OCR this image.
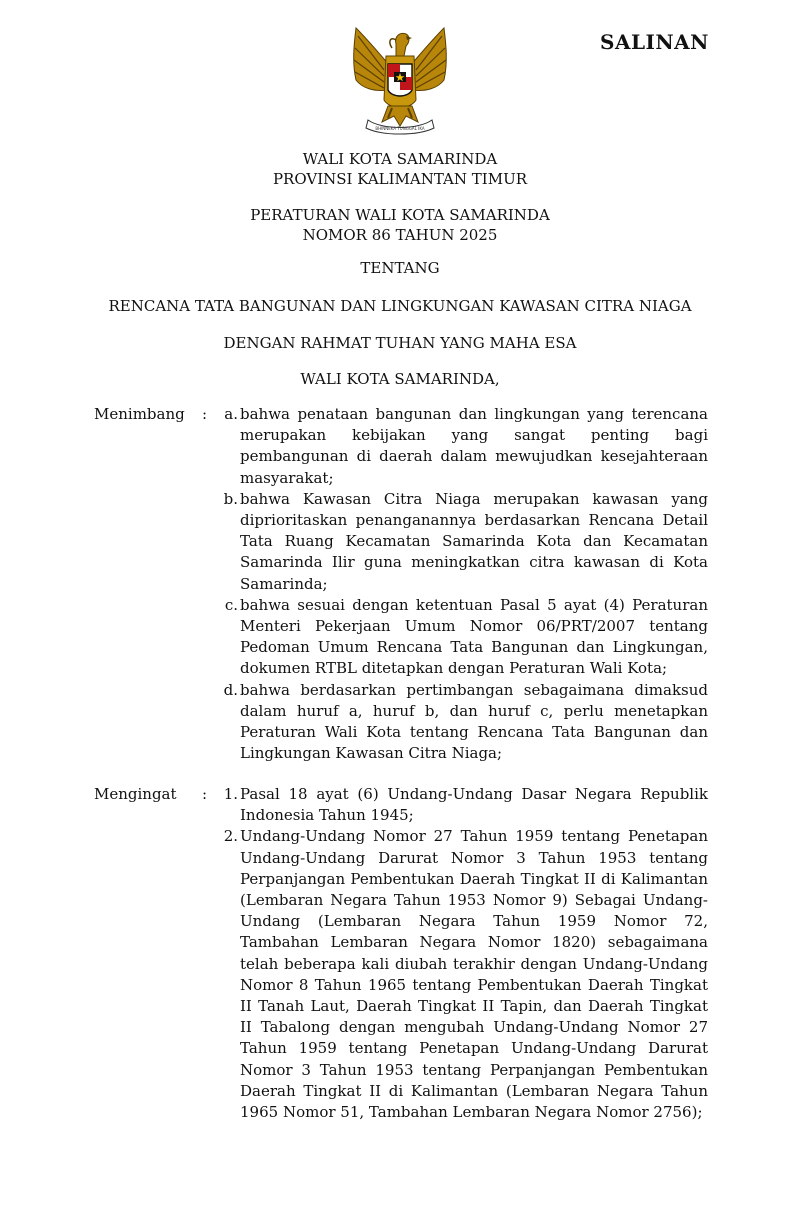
SALINAN
BHINNEKA TUNGGAL IKA
WALI KOTA SAMARINDA
PROVINSI KALIMANTAN TIMUR
PERATURAN WALI KOTA SAMARINDA
NOMOR 86 TAHUN 2025
TENTANG
RENCANA TATA BANGUNAN DAN LINGKUNGAN KAWASAN CITRA NIAGA
DENGAN RAHMAT TUHAN YANG MAHA ESA
WALI KOTA SAMARINDA,
Menimbang :	a. bahwa penataan bangunan dan lingkungan yang terencana merupakan kebijakan yang sangat penting bagi pembangunan di daerah dalam mewujudkan kesejahteraan masyarakat;
b. bahwa Kawasan Citra Niaga merupakan kawasan yang diprioritaskan penanganannya berdasarkan Rencana Detail Tata Ruang Kecamatan Samarinda Kota dan Kecamatan Samarinda Ilir guna meningkatkan citra kawasan di Kota Samarinda;
c. bahwa sesuai dengan ketentuan Pasal 5 ayat (4) Peraturan Menteri Pekerjaan Umum Nomor 06/PRT/2007 tentang Pedoman Umum Rencana Tata Bangunan dan Lingkungan, dokumen RTBL ditetapkan dengan Peraturan Wali Kota;
d. bahwa berdasarkan pertimbangan sebagaimana dimaksud dalam huruf a, huruf b, dan huruf c, perlu menetapkan Peraturan Wali Kota tentang Rencana Tata Bangunan dan Lingkungan Kawasan Citra Niaga;
Mengingat :	1. Pasal 18 ayat (6) Undang-Undang Dasar Negara Republik Indonesia Tahun 1945;
2. Undang-Undang Nomor 27 Tahun 1959 tentang Penetapan Undang-Undang Darurat Nomor 3 Tahun 1953 tentang Perpanjangan Pembentukan Daerah Tingkat II di Kalimantan (Lembaran Negara Tahun 1953 Nomor 9) Sebagai Undang-Undang (Lembaran Negara Tahun 1959 Nomor 72, Tambahan Lembaran Negara Nomor 1820) sebagaimana telah beberapa kali diubah terakhir dengan Undang-Undang Nomor 8 Tahun 1965 tentang Pembentukan Daerah Tingkat II Tanah Laut, Daerah Tingkat II Tapin, dan Daerah Tingkat II Tabalong dengan mengubah Undang-Undang Nomor 27 Tahun 1959 tentang Penetapan Undang-Undang Darurat Nomor 3 Tahun 1953 tentang Perpanjangan Pembentukan Daerah Tingkat II di Kalimantan (Lembaran Negara Tahun 1965 Nomor 51, Tambahan Lembaran Negara Nomor 2756);
